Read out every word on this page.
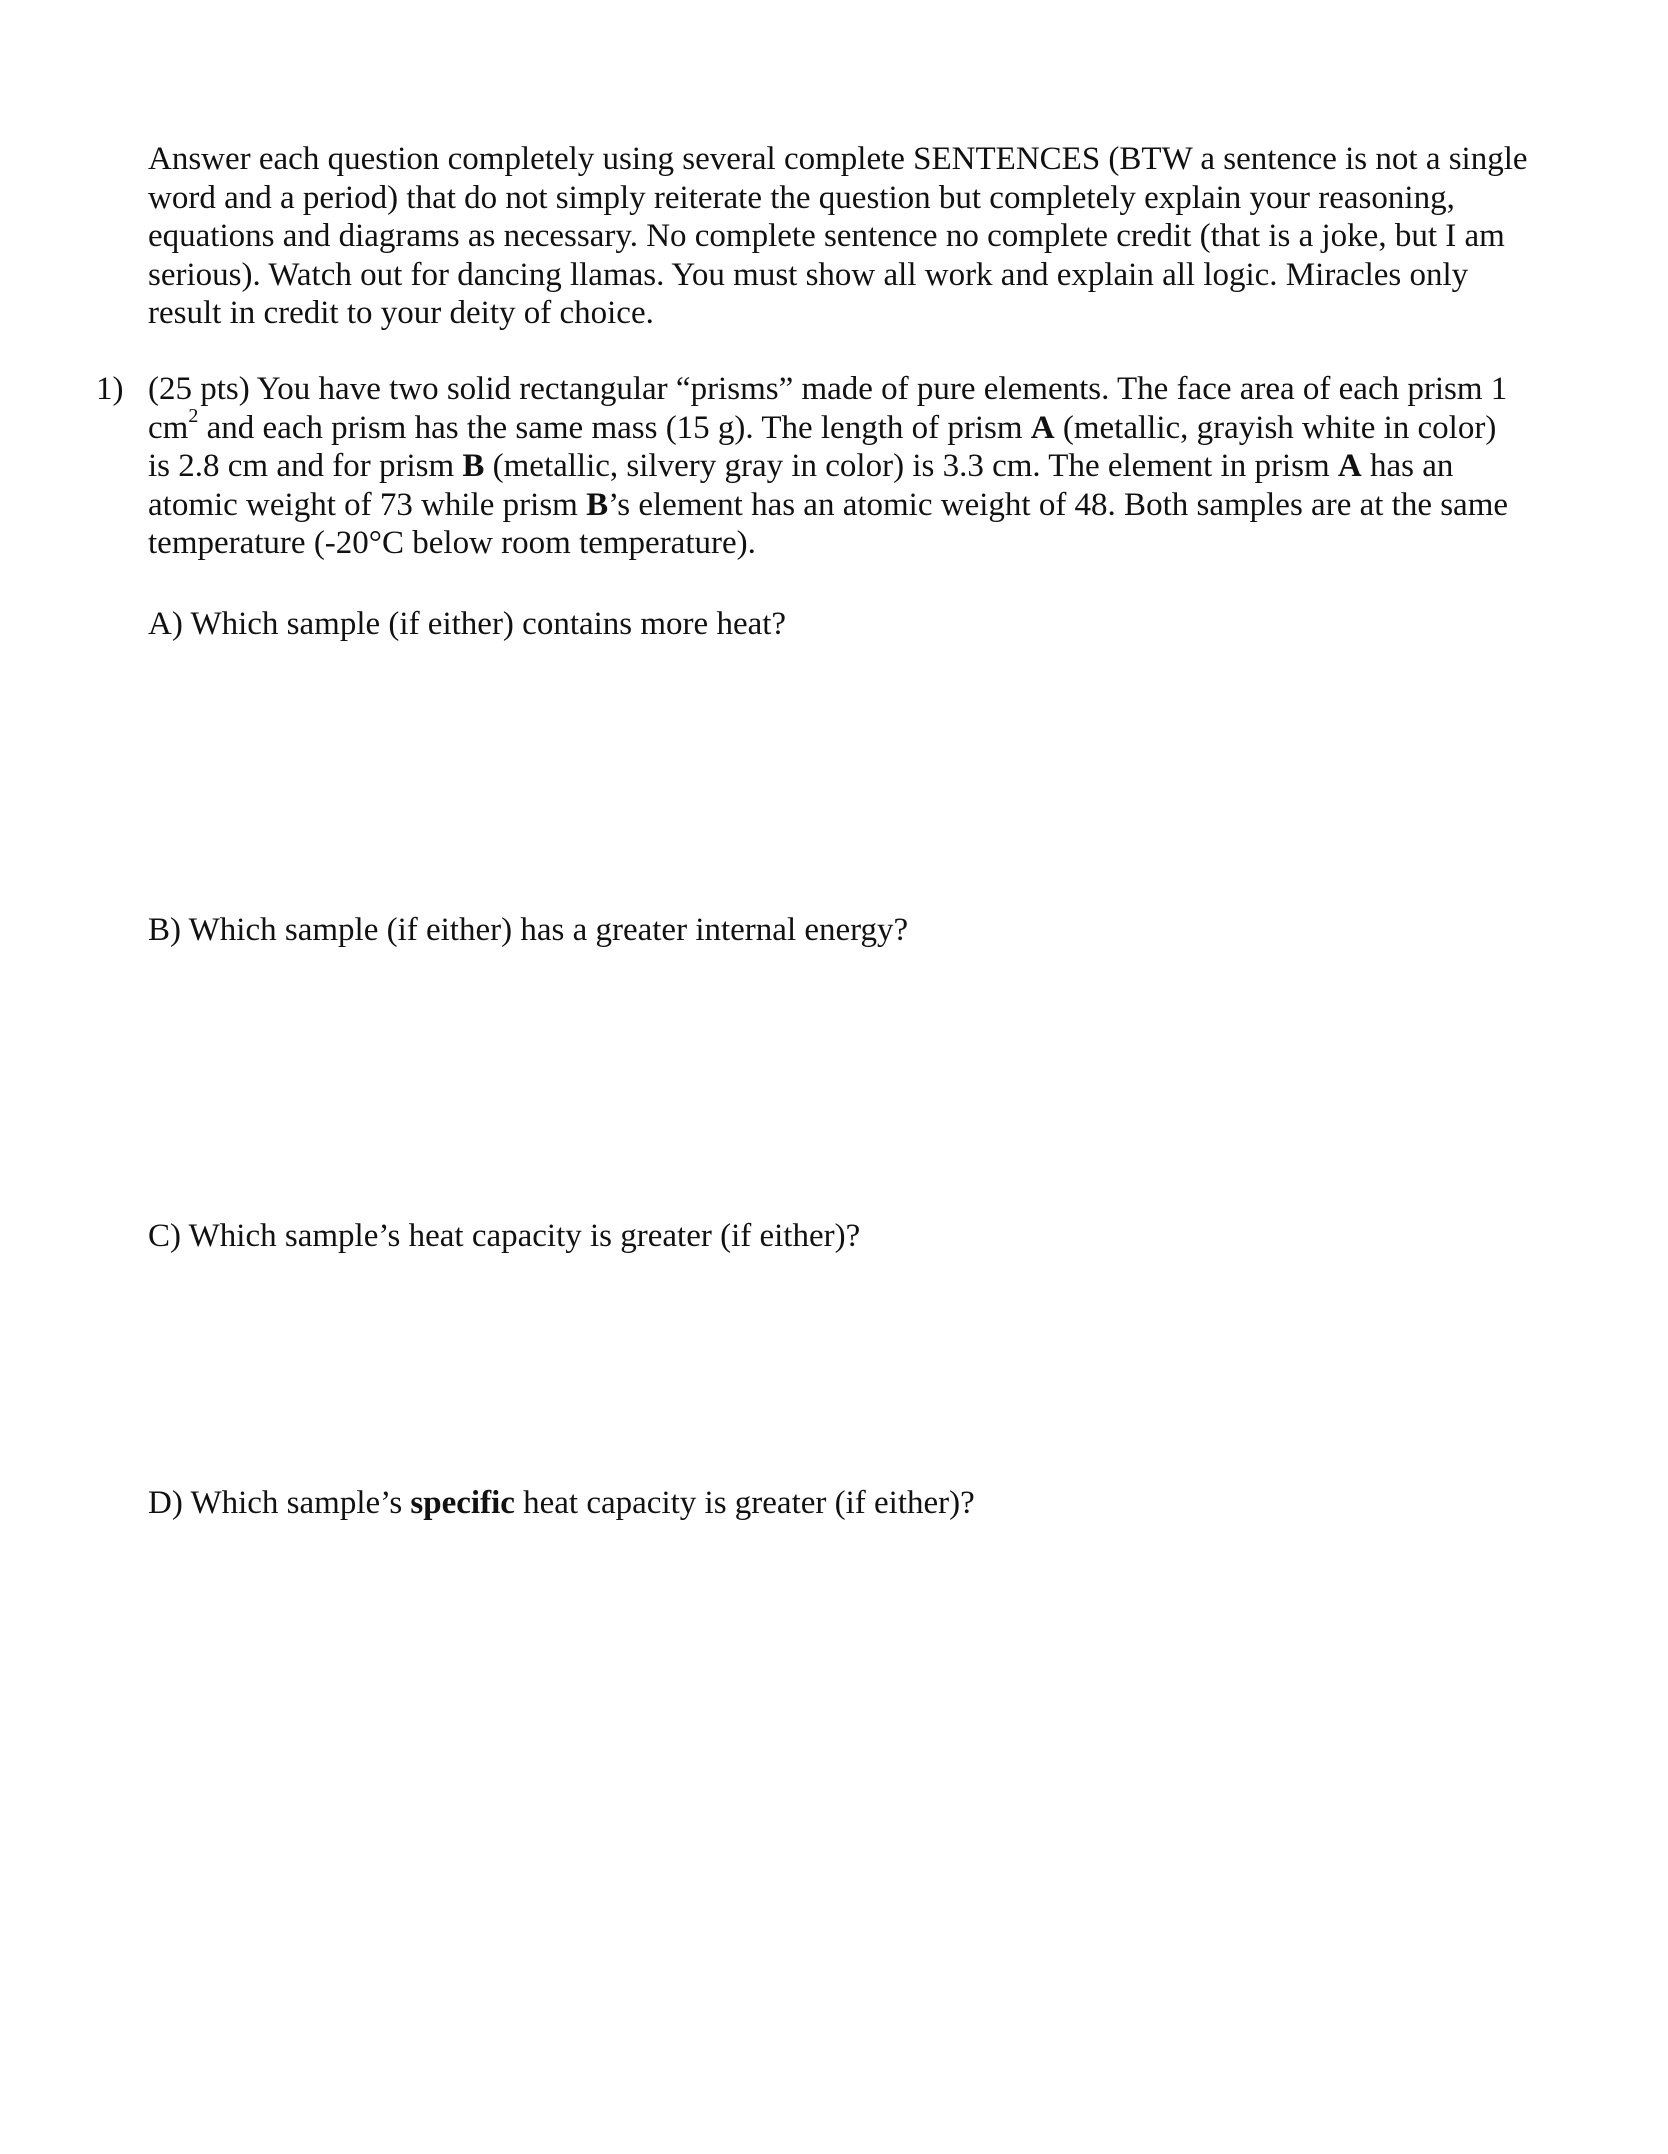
Answer each question completely using several complete SENTENCES (BTW a sentence is not a single
word and a period) that do not simply reiterate the question but completely explain your reasoning,
equations and diagrams as necessary. No complete sentence no complete credit (that is a joke, but I am
serious). Watch out for dancing llamas. You must show all work and explain all logic. Miracles only
result in credit to your deity of choice.
1) (25 pts) You have two solid rectangular “prisms” made of pure elements. The face area of each prism 1
$cm^2$ and each prism has the same mass (15 g). The length of prism A (metallic, grayish white in color)
is 2.8 cm and for prism B (metallic, silvery gray in color) is 3.3 cm. The element in prism A has an
atomic weight of 73 while prism B’s element has an atomic weight of 48. Both samples are at the same
temperature (-20°C below room temperature).

A) Which sample (if either) contains more heat?

B) Which sample (if either) has a greater internal energy?

C) Which sample’s heat capacity is greater (if either)?

D) Which sample’s specific heat capacity is greater (if either)?
